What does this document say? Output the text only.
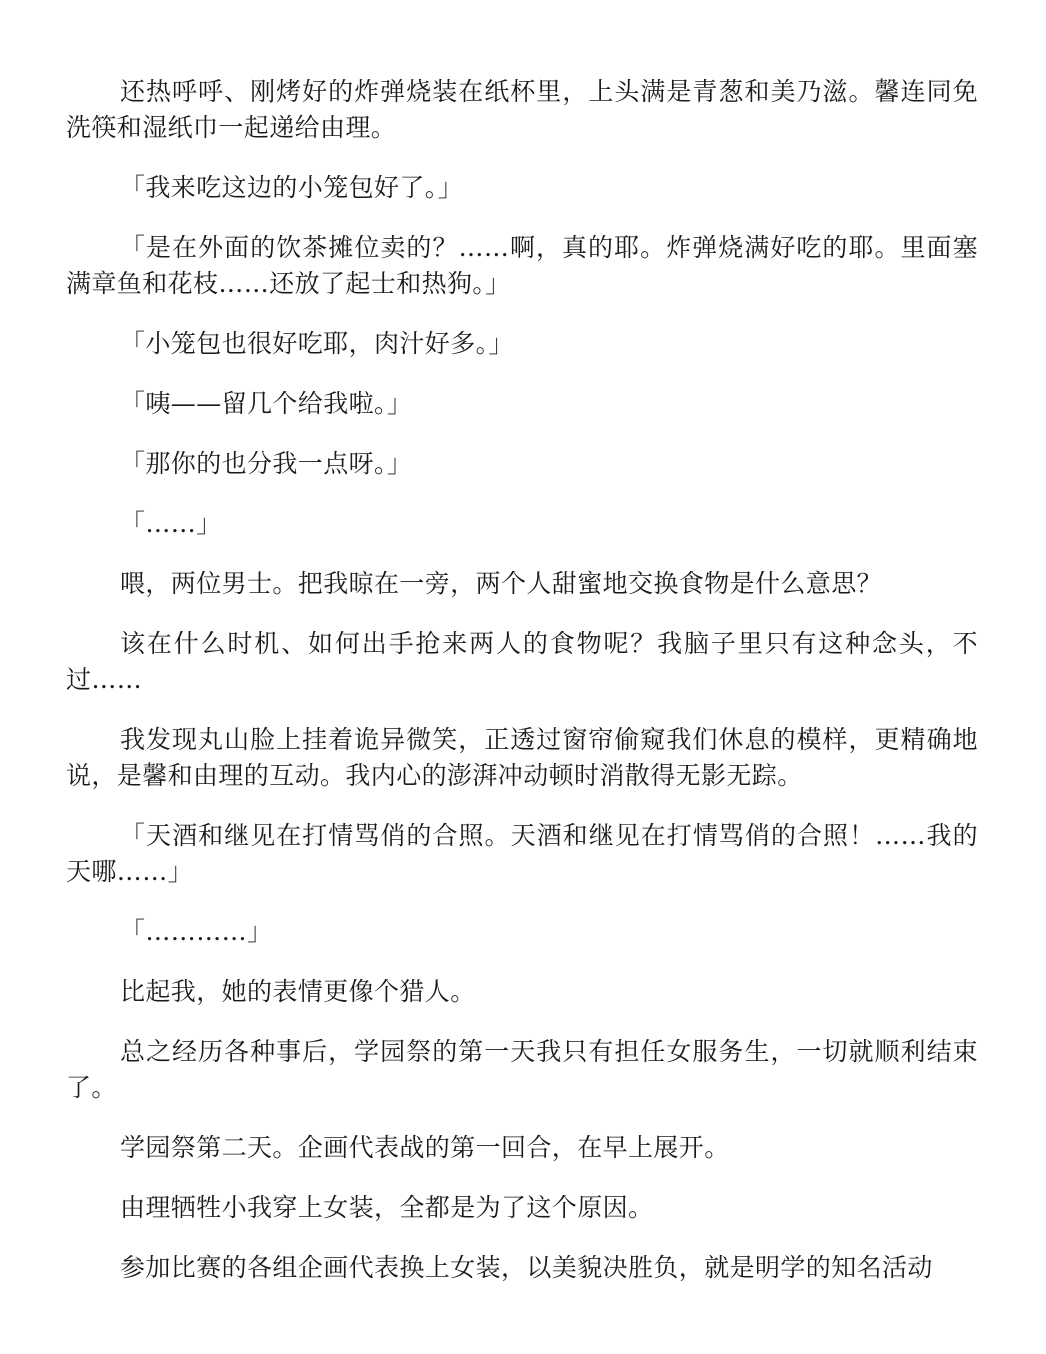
还热呼呼、刚烤好的炸弹烧装在纸杯里，上头满是青葱和美乃滋。馨连同免洗筷和湿纸巾一起递给由理。

「我来吃这边的小笼包好了。」

「是在外面的饮茶摊位卖的？……啊，真的耶。炸弹烧满好吃的耶。里面塞满章鱼和花枝……还放了起士和热狗。」

「小笼包也很好吃耶，肉汁好多。」

「咦——留几个给我啦。」

「那你的也分我一点呀。」

「……」

喂，两位男士。把我晾在一旁，两个人甜蜜地交换食物是什么意思？

该在什么时机、如何出手抢来两人的食物呢？我脑子里只有这种念头，不过……

我发现丸山脸上挂着诡异微笑，正透过窗帘偷窥我们休息的模样，更精确地说，是馨和由理的互动。我内心的澎湃冲动顿时消散得无影无踪。

「天酒和继见在打情骂俏的合照。天酒和继见在打情骂俏的合照！……我的天哪……」

「…………」

比起我，她的表情更像个猎人。

总之经历各种事后，学园祭的第一天我只有担任女服务生，一切就顺利结束了。

学园祭第二天。企画代表战的第一回合，在早上展开。

由理牺牲小我穿上女装，全都是为了这个原因。

参加比赛的各组企画代表换上女装，以美貌决胜负，就是明学的知名活动
